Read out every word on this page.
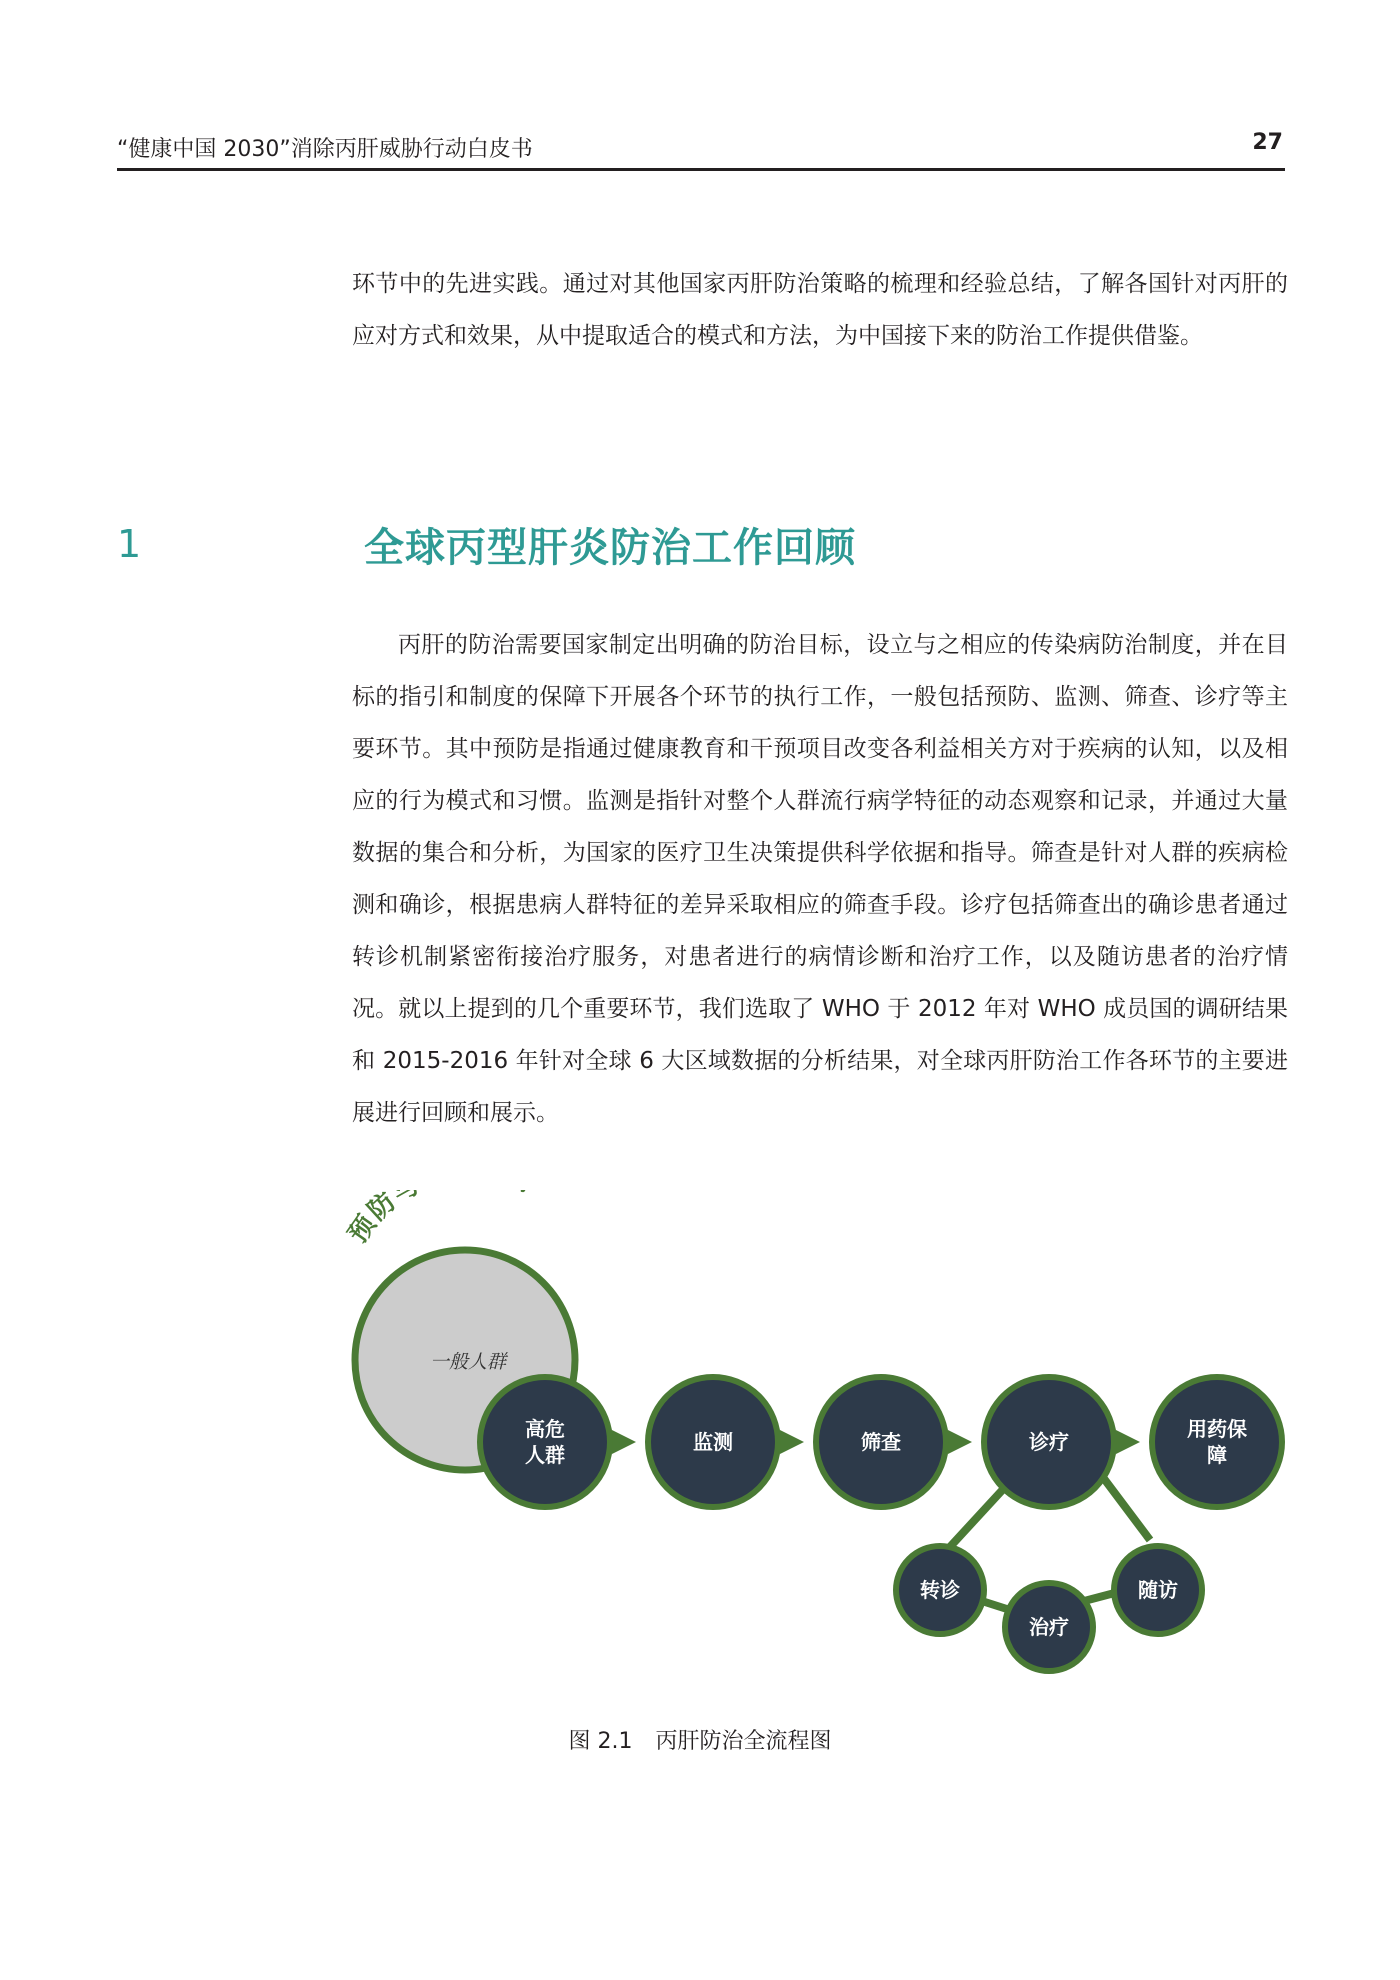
“健康中国 2030”消除丙肝威胁行动白皮书	27
环节中的先进实践。通过对其他国家丙肝防治策略的梳理和经验总结，了解各国针对丙肝的应对方式和效果，从中提取适合的模式和方法，为中国接下来的防治工作提供借鉴。
1	全球丙型肝炎防治工作回顾
丙肝的防治需要国家制定出明确的防治目标，设立与之相应的传染病防治制度，并在目标的指引和制度的保障下开展各个环节的执行工作，一般包括预防、监测、筛查、诊疗等主要环节。其中预防是指通过健康教育和干预项目改变各利益相关方对于疾病的认知，以及相应的行为模式和习惯。监测是指针对整个人群流行病学特征的动态观察和记录，并通过大量数据的集合和分析，为国家的医疗卫生决策提供科学依据和指导。筛查是针对人群的疾病检测和确诊，根据患病人群特征的差异采取相应的筛查手段。诊疗包括筛查出的确诊患者通过转诊机制紧密衔接治疗服务，对患者进行的病情诊断和治疗工作，以及随访患者的治疗情况。就以上提到的几个重要环节，我们选取了 WHO 于 2012 年对 WHO 成员国的调研结果和 2015-2016 年针对全球 6 大区域数据的分析结果，对全球丙肝防治工作各环节的主要进展进行回顾和展示。
预防
一般人群
高危
人群
监测	筛查	诊疗
用药保
障
转诊
治疗
随访
图 2.1 丙肝防治全流程图
